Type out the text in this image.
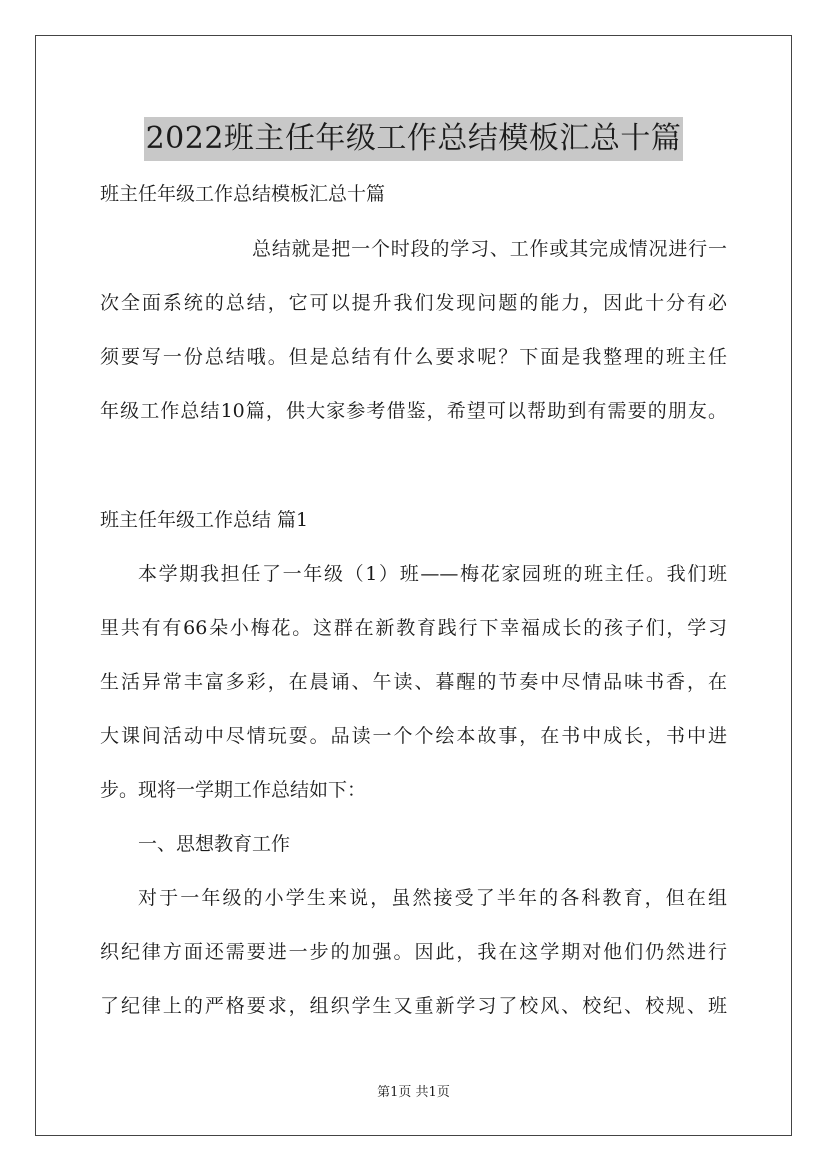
2022班主任年级工作总结模板汇总十篇
班主任年级工作总结模板汇总十篇
总结就是把一个时段的学习、工作或其完成情况进行一
次全面系统的总结，它可以提升我们发现问题的能力，因此十分有必
须要写一份总结哦。但是总结有什么要求呢？下面是我整理的班主任
年级工作总结10篇，供大家参考借鉴，希望可以帮助到有需要的朋友。
班主任年级工作总结 篇1
本学期我担任了一年级（1）班——梅花家园班的班主任。我们班
里共有有66朵小梅花。这群在新教育践行下幸福成长的孩子们，学习
生活异常丰富多彩，在晨诵、午读、暮醒的节奏中尽情品味书香，在
大课间活动中尽情玩耍。品读一个个绘本故事，在书中成长，书中进
步。现将一学期工作总结如下：
一、思想教育工作
对于一年级的小学生来说，虽然接受了半年的各科教育，但在组
织纪律方面还需要进一步的加强。因此，我在这学期对他们仍然进行
了纪律上的严格要求，组织学生又重新学习了校风、校纪、校规、班
第1页 共1页
